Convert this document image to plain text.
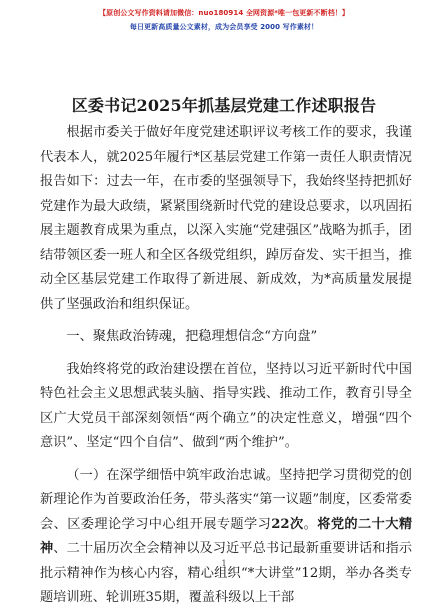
【原创公文写作资料请加微信：nuo180914 全网资源*唯一包更新不断档！】
每日更新高质量公文素材，成为会员享受 2000 写作素材！
区委书记2025年抓基层党建工作述职报告

根据市委关于做好年度党建述职评议考核工作的要求，我谨代表本人，就2025年履行*区基层党建工作第一责任人职责情况报告如下：过去一年，在市委的坚强领导下，我始终坚持把抓好党建作为最大政绩，紧紧围绕新时代党的建设总要求，以巩固拓展主题教育成果为重点，以深入实施“党建强区”战略为抓手，团结带领区委一班人和全区各级党组织，踔厉奋发、实干担当，推动全区基层党建工作取得了新进展、新成效，为*高质量发展提供了坚强政治和组织保证。

一、聚焦政治铸魂，把稳理想信念“方向盘”

我始终将党的政治建设摆在首位，坚持以习近平新时代中国特色社会主义思想武装头脑、指导实践、推动工作，教育引导全区广大党员干部深刻领悟“两个确立”的决定性意义，增强“四个意识”、坚定“四个自信”、做到“两个维护”。

（一）在深学细悟中筑牢政治忠诚。坚持把学习贯彻党的创新理论作为首要政治任务，带头落实“第一议题”制度，区委常委会、区委理论学习中心组开展专题学习22次。将党的二十大精神、二十届历次全会精神以及习近平总书记最新重要讲话和指示批示精神作为核心内容，精心组织“*大讲堂”12期，举办各类专题培训班、轮训班35期，覆盖科级以上干部

1
